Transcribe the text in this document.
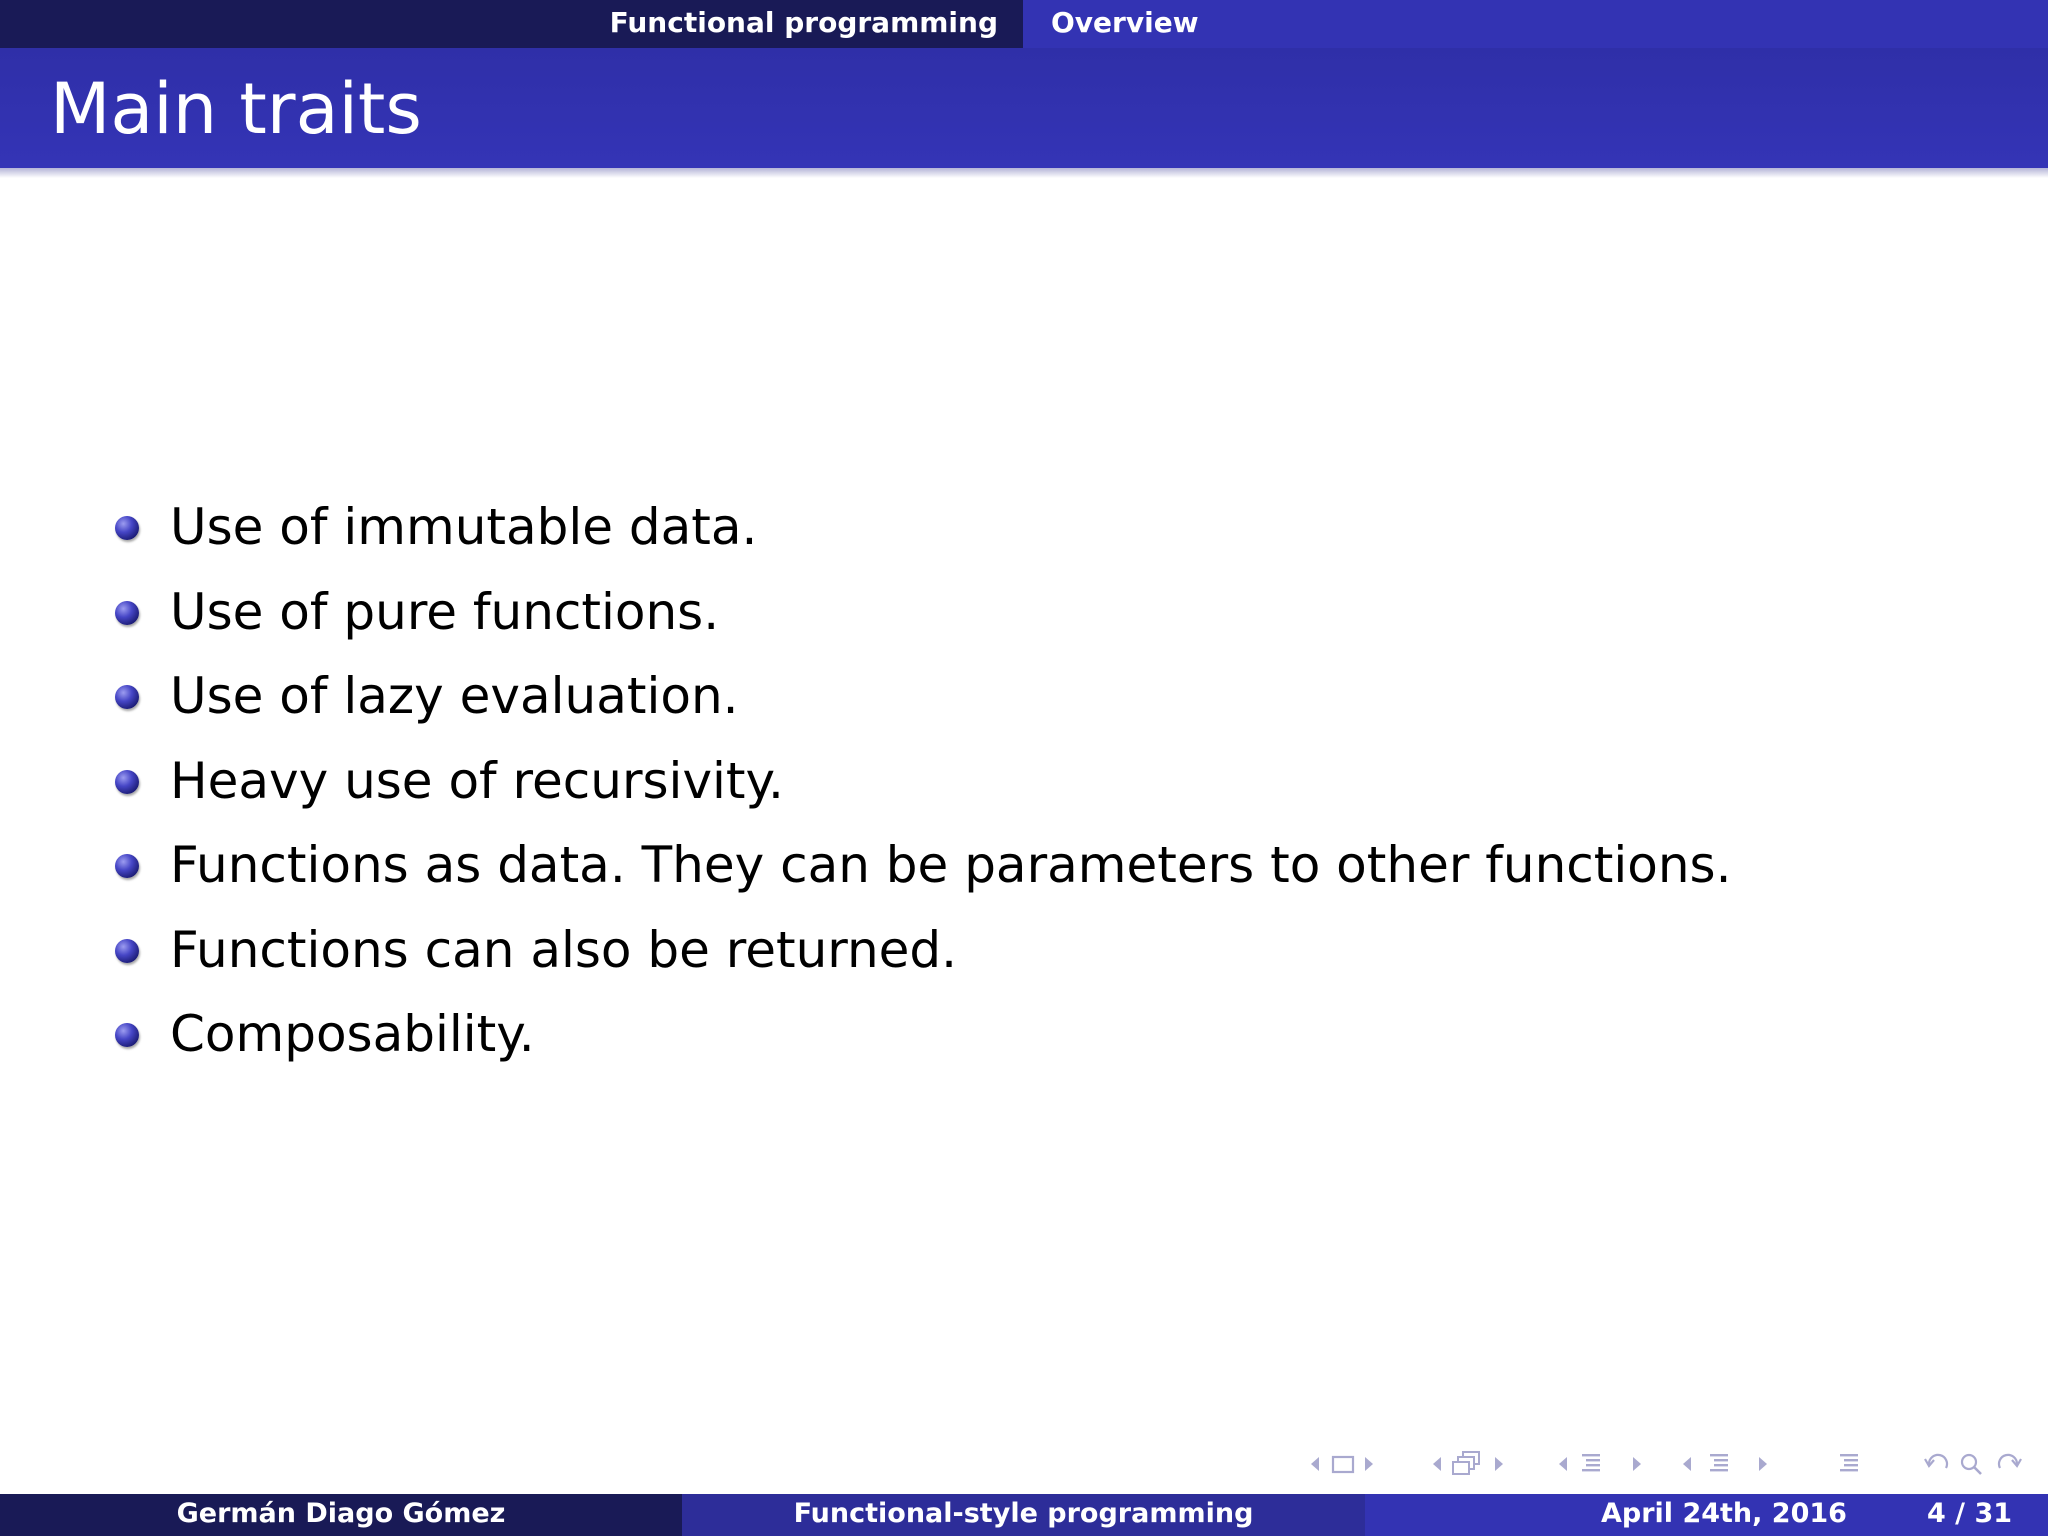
Functional programming	Overview
Main traits
Use of immutable data.
Use of pure functions.
Use of lazy evaluation.
Heavy use of recursivity.
Functions as data. They can be parameters to other functions.
Functions can also be returned.
Composability.
Germán Diago Gómez	Functional-style programming	April 24th, 2016	4 / 31
